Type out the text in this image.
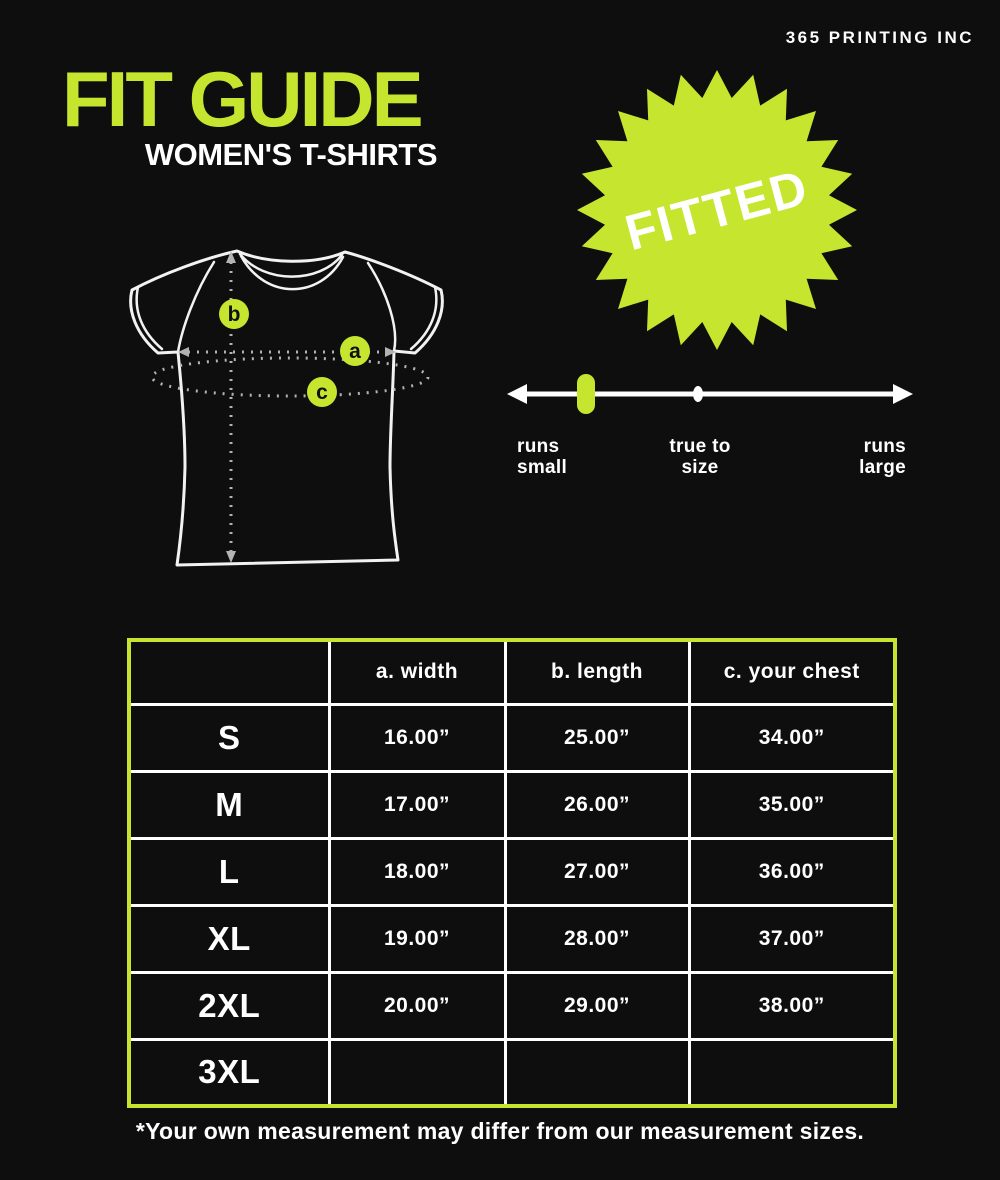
365 PRINTING INC
FIT GUIDE
WOMEN'S T-SHIRTS
FITTED
b
a
c
runs
small
true to
size
runs
large
	a. width	b. length	c. your chest
S	16.00”	25.00”	34.00”
M	17.00”	26.00”	35.00”
L	18.00”	27.00”	36.00”
XL	19.00”	28.00”	37.00”
2XL	20.00”	29.00”	38.00”
3XL			
*Your own measurement may differ from our measurement sizes.
